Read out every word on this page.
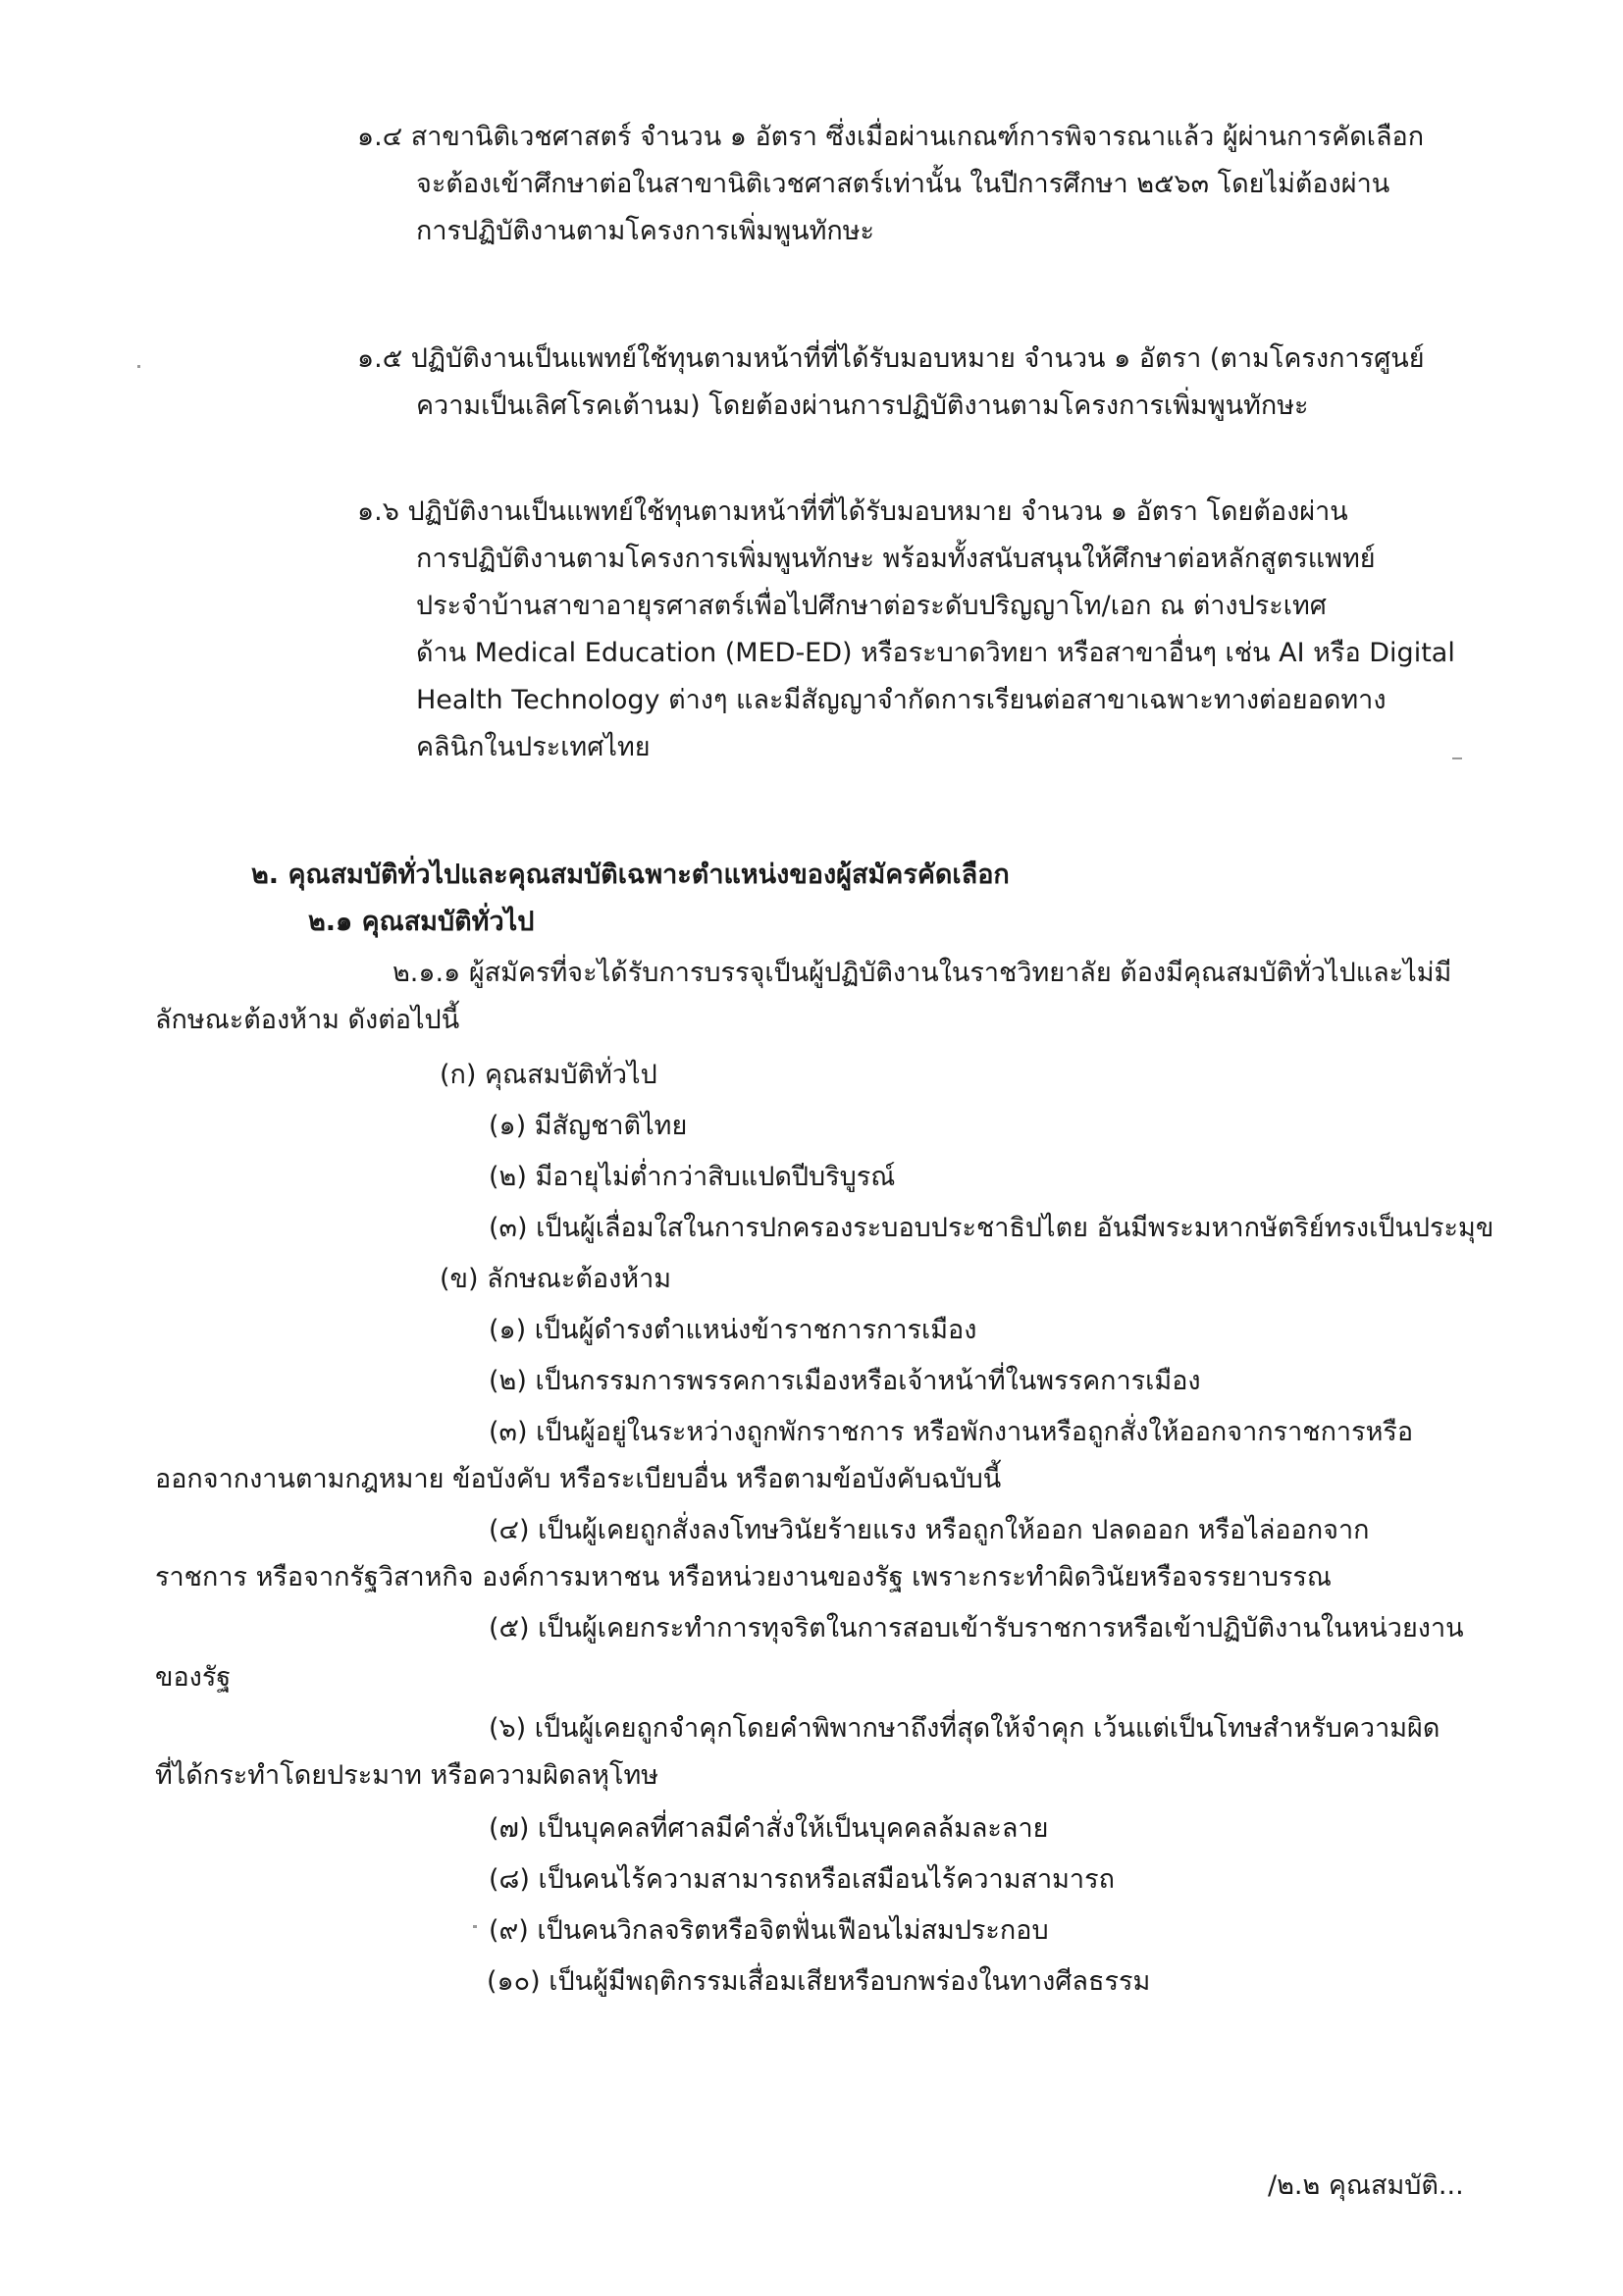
๑.๔ สาขานิติเวชศาสตร์ จำนวน ๑ อัตรา ซึ่งเมื่อผ่านเกณฑ์การพิจารณาแล้ว ผู้ผ่านการคัดเลือก
จะต้องเข้าศึกษาต่อในสาขานิติเวชศาสตร์เท่านั้น ในปีการศึกษา ๒๕๖๓ โดยไม่ต้องผ่าน
การปฏิบัติงานตามโครงการเพิ่มพูนทักษะ
๑.๕ ปฏิบัติงานเป็นแพทย์ใช้ทุนตามหน้าที่ที่ได้รับมอบหมาย จำนวน ๑ อัตรา (ตามโครงการศูนย์
ความเป็นเลิศโรคเต้านม) โดยต้องผ่านการปฏิบัติงานตามโครงการเพิ่มพูนทักษะ
๑.๖ ปฏิบัติงานเป็นแพทย์ใช้ทุนตามหน้าที่ที่ได้รับมอบหมาย จำนวน ๑ อัตรา โดยต้องผ่าน
การปฏิบัติงานตามโครงการเพิ่มพูนทักษะ พร้อมทั้งสนับสนุนให้ศึกษาต่อหลักสูตรแพทย์
ประจำบ้านสาขาอายุรศาสตร์เพื่อไปศึกษาต่อระดับปริญญาโท/เอก ณ ต่างประเทศ
ด้าน Medical Education (MED-ED) หรือระบาดวิทยา หรือสาขาอื่นๆ เช่น AI หรือ Digital
Health Technology ต่างๆ และมีสัญญาจำกัดการเรียนต่อสาขาเฉพาะทางต่อยอดทาง
คลินิกในประเทศไทย
๒. คุณสมบัติทั่วไปและคุณสมบัติเฉพาะตำแหน่งของผู้สมัครคัดเลือก
๒.๑ คุณสมบัติทั่วไป
๒.๑.๑ ผู้สมัครที่จะได้รับการบรรจุเป็นผู้ปฏิบัติงานในราชวิทยาลัย ต้องมีคุณสมบัติทั่วไปและไม่มี
ลักษณะต้องห้าม ดังต่อไปนี้
(ก) คุณสมบัติทั่วไป
(๑) มีสัญชาติไทย
(๒) มีอายุไม่ต่ำกว่าสิบแปดปีบริบูรณ์
(๓) เป็นผู้เลื่อมใสในการปกครองระบอบประชาธิปไตย อันมีพระมหากษัตริย์ทรงเป็นประมุข
(ข) ลักษณะต้องห้าม
(๑) เป็นผู้ดำรงตำแหน่งข้าราชการการเมือง
(๒) เป็นกรรมการพรรคการเมืองหรือเจ้าหน้าที่ในพรรคการเมือง
(๓) เป็นผู้อยู่ในระหว่างถูกพักราชการ หรือพักงานหรือถูกสั่งให้ออกจากราชการหรือ
ออกจากงานตามกฎหมาย ข้อบังคับ หรือระเบียบอื่น หรือตามข้อบังคับฉบับนี้
(๔) เป็นผู้เคยถูกสั่งลงโทษวินัยร้ายแรง หรือถูกให้ออก ปลดออก หรือไล่ออกจาก
ราชการ หรือจากรัฐวิสาหกิจ องค์การมหาชน หรือหน่วยงานของรัฐ เพราะกระทำผิดวินัยหรือจรรยาบรรณ
(๕) เป็นผู้เคยกระทำการทุจริตในการสอบเข้ารับราชการหรือเข้าปฏิบัติงานในหน่วยงาน
ของรัฐ
(๖) เป็นผู้เคยถูกจำคุกโดยคำพิพากษาถึงที่สุดให้จำคุก เว้นแต่เป็นโทษสำหรับความผิด
ที่ได้กระทำโดยประมาท หรือความผิดลหุโทษ
(๗) เป็นบุคคลที่ศาลมีคำสั่งให้เป็นบุคคลล้มละลาย
(๘) เป็นคนไร้ความสามารถหรือเสมือนไร้ความสามารถ
(๙) เป็นคนวิกลจริตหรือจิตฟั่นเฟือนไม่สมประกอบ
(๑๐) เป็นผู้มีพฤติกรรมเสื่อมเสียหรือบกพร่องในทางศีลธรรม
/๒.๒ คุณสมบัติ...
